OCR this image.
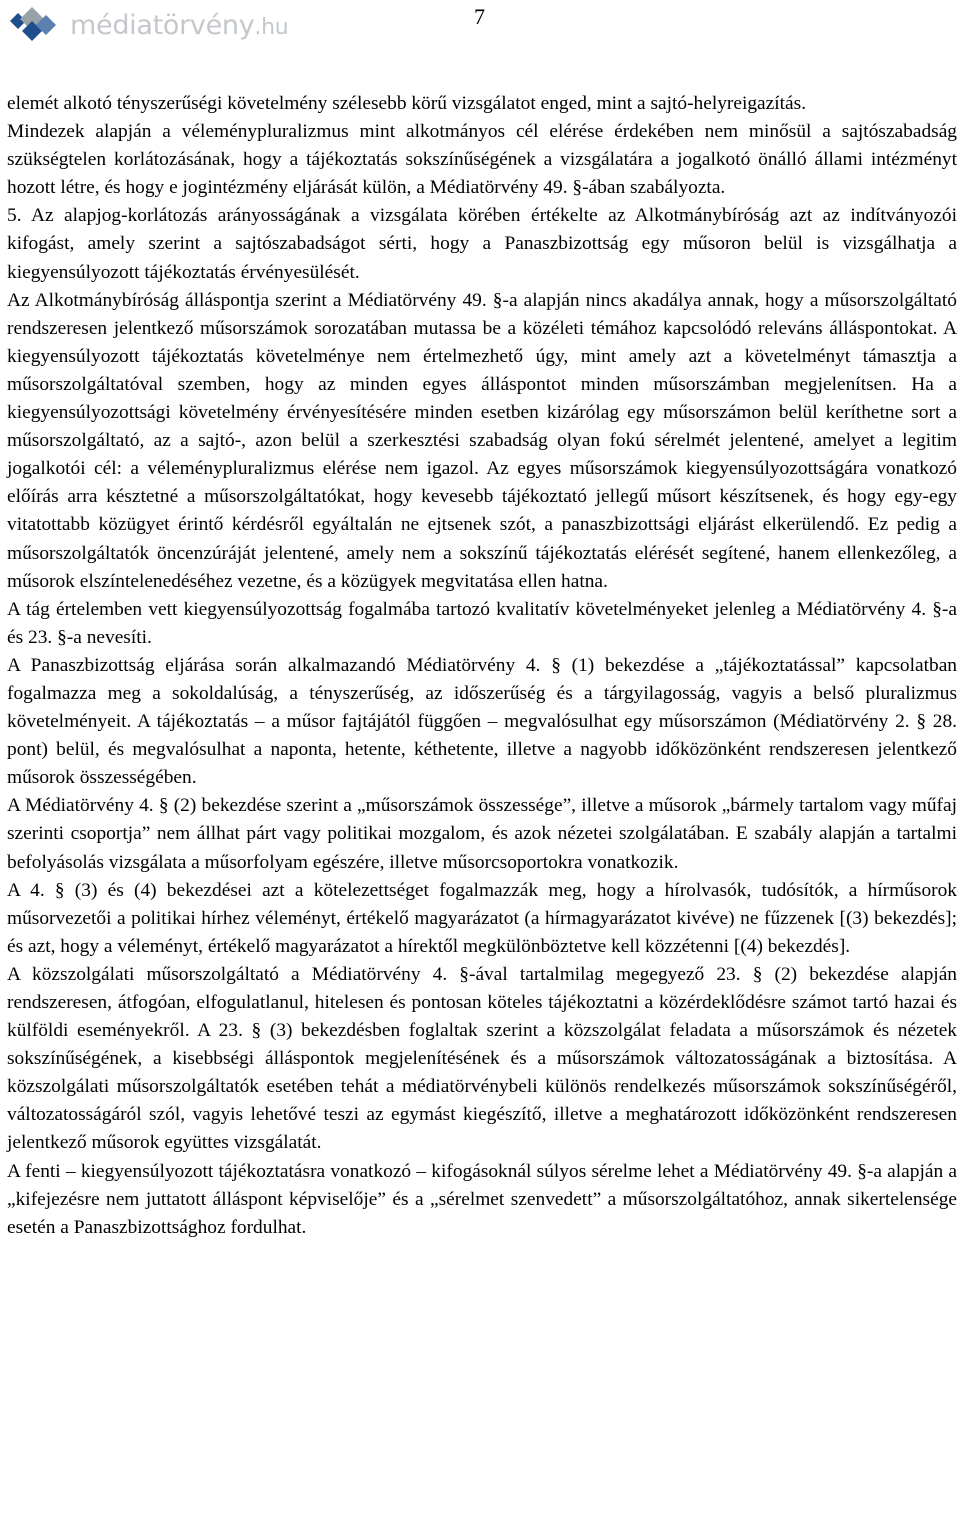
médiatörvény.hu	7

elemét alkotó tényszerűségi követelmény szélesebb körű vizsgálatot enged, mint a sajtó-helyreigazítás.

Mindezek alapján a véleménypluralizmus mint alkotmányos cél elérése érdekében nem minősül a sajtószabadság szükségtelen korlátozásának, hogy a tájékoztatás sokszínűségének a vizsgálatára a jogalkotó önálló állami intézményt hozott létre, és hogy e jogintézmény eljárását külön, a Médiatörvény 49. §-ában szabályozta.

5. Az alapjog-korlátozás arányosságának a vizsgálata körében értékelte az Alkotmánybíróság azt az indítványozói kifogást, amely szerint a sajtószabadságot sérti, hogy a Panaszbizottság egy műsoron belül is vizsgálhatja a kiegyensúlyozott tájékoztatás érvényesülését.

Az Alkotmánybíróság álláspontja szerint a Médiatörvény 49. §-a alapján nincs akadálya annak, hogy a műsorszolgáltató rendszeresen jelentkező műsorszámok sorozatában mutassa be a közéleti témához kapcsolódó releváns álláspontokat. A kiegyensúlyozott tájékoztatás követelménye nem értelmezhető úgy, mint amely azt a követelményt támasztja a műsorszolgáltatóval szemben, hogy az minden egyes álláspontot minden műsorszámban megjelenítsen. Ha a kiegyensúlyozottsági követelmény érvényesítésére minden esetben kizárólag egy műsorszámon belül keríthetne sort a műsorszolgáltató, az a sajtó-, azon belül a szerkesztési szabadság olyan fokú sérelmét jelentené, amelyet a legitim jogalkotói cél: a véleménypluralizmus elérése nem igazol. Az egyes műsorszámok kiegyensúlyozottságára vonatkozó előírás arra késztetné a műsorszolgáltatókat, hogy kevesebb tájékoztató jellegű műsort készítsenek, és hogy egy-egy vitatottabb közügyet érintő kérdésről egyáltalán ne ejtsenek szót, a panaszbizottsági eljárást elkerülendő. Ez pedig a műsorszolgáltatók öncenzúráját jelentené, amely nem a sokszínű tájékoztatás elérését segítené, hanem ellenkezőleg, a műsorok elszíntelenedéséhez vezetne, és a közügyek megvitatása ellen hatna.

A tág értelemben vett kiegyensúlyozottság fogalmába tartozó kvalitatív követelményeket jelenleg a Médiatörvény 4. §-a és 23. §-a nevesíti.

A Panaszbizottság eljárása során alkalmazandó Médiatörvény 4. § (1) bekezdése a „tájékoztatással” kapcsolatban fogalmazza meg a sokoldalúság, a tényszerűség, az időszerűség és a tárgyilagosság, vagyis a belső pluralizmus követelményeit. A tájékoztatás – a műsor fajtájától függően – megvalósulhat egy műsorszámon (Médiatörvény 2. § 28. pont) belül, és megvalósulhat a naponta, hetente, kéthetente, illetve a nagyobb időközönként rendszeresen jelentkező műsorok összességében.

A Médiatörvény 4. § (2) bekezdése szerint a „műsorszámok összessége”, illetve a műsorok „bármely tartalom vagy műfaj szerinti csoportja” nem állhat párt vagy politikai mozgalom, és azok nézetei szolgálatában. E szabály alapján a tartalmi befolyásolás vizsgálata a műsorfolyam egészére, illetve műsorcsoportokra vonatkozik.

A 4. § (3) és (4) bekezdései azt a kötelezettséget fogalmazzák meg, hogy a hírolvasók, tudósítók, a hírműsorok műsorvezetői a politikai hírhez véleményt, értékelő magyarázatot (a hírmagyarázatot kivéve) ne fűzzenek [(3) bekezdés]; és azt, hogy a véleményt, értékelő magyarázatot a hírektől megkülönböztetve kell közzétenni [(4) bekezdés].

A közszolgálati műsorszolgáltató a Médiatörvény 4. §-ával tartalmilag megegyező 23. § (2) bekezdése alapján rendszeresen, átfogóan, elfogulatlanul, hitelesen és pontosan köteles tájékoztatni a közérdeklődésre számot tartó hazai és külföldi eseményekről. A 23. § (3) bekezdésben foglaltak szerint a közszolgálat feladata a műsorszámok és nézetek sokszínűségének, a kisebbségi álláspontok megjelenítésének és a műsorszámok változatosságának a biztosítása. A közszolgálati műsorszolgáltatók esetében tehát a médiatörvénybeli különös rendelkezés műsorszámok sokszínűségéről, változatosságáról szól, vagyis lehetővé teszi az egymást kiegészítő, illetve a meghatározott időközönként rendszeresen jelentkező műsorok együttes vizsgálatát.

A fenti – kiegyensúlyozott tájékoztatásra vonatkozó – kifogásoknál súlyos sérelme lehet a Médiatörvény 49. §-a alapján a „kifejezésre nem juttatott álláspont képviselője” és a „sérelmet szenvedett” a műsorszolgáltatóhoz, annak sikertelensége esetén a Panaszbizottsághoz fordulhat.
